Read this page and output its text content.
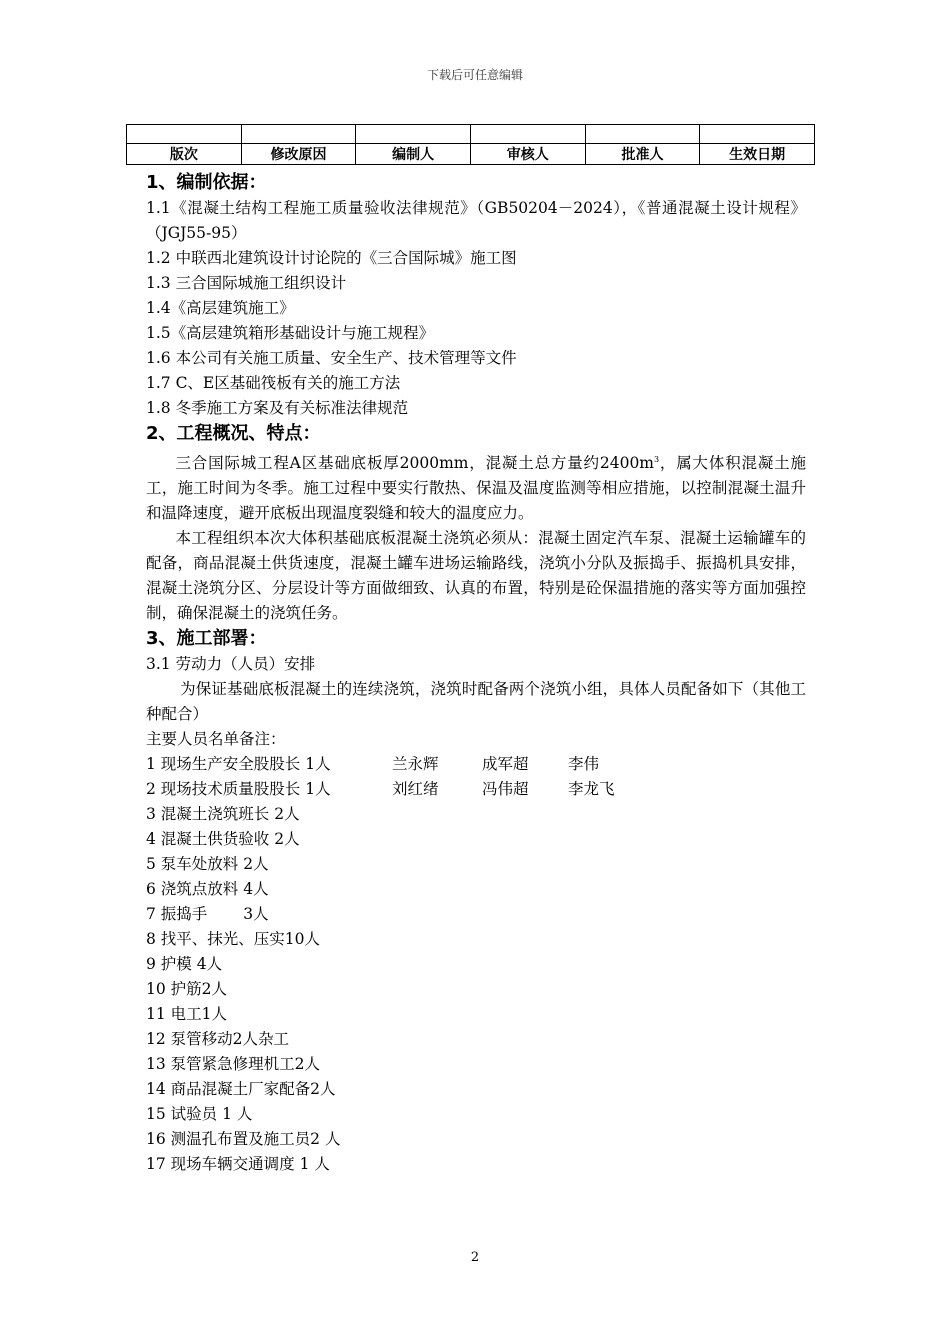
下载后可任意编辑

版次	修改原因	编制人	审核人	批准人	生效日期

1、编制依据：

1.1《混凝土结构工程施工质量验收法律规范》（GB50204－2024），《普通混凝土设计规程》（JGJ55-95）

1.2 中联西北建筑设计讨论院的《三合国际城》施工图

1.3 三合国际城施工组织设计

1.4《高层建筑施工》

1.5《高层建筑箱形基础设计与施工规程》

1.6 本公司有关施工质量、安全生产、技术管理等文件

1.7 C、E区基础筏板有关的施工方法

1.8 冬季施工方案及有关标准法律规范

2、工程概况、特点：

三合国际城工程A区基础底板厚2000mm，混凝土总方量约$2400m^3$，属大体积混凝土施工，施工时间为冬季。施工过程中要实行散热、保温及温度监测等相应措施，以控制混凝土温升和温降速度，避开底板出现温度裂缝和较大的温度应力。

本工程组织本次大体积基础底板混凝土浇筑必须从：混凝土固定汽车泵、混凝土运输罐车的配备，商品混凝土供货速度，混凝土罐车进场运输路线，浇筑小分队及振捣手、振捣机具安排，混凝土浇筑分区、分层设计等方面做细致、认真的布置，特别是砼保温措施的落实等方面加强控制，确保混凝土的浇筑任务。

3、施工部署：

3.1 劳动力（人员）安排

为保证基础底板混凝土的连续浇筑，浇筑时配备两个浇筑小组，具体人员配备如下（其他工种配合）

主要人员名单备注：

1 现场生产安全股股长 1人	兰永辉	成军超	李伟

2 现场技术质量股股长 1人	刘红绪	冯伟超	李龙飞

3 混凝土浇筑班长 2人

4 混凝土供货验收 2人

5 泵车处放料 2人

6 浇筑点放料 4人

7 振捣手　　 3人

8 找平、抹光、压实10人

9 护模 4人

10 护筋2人

11 电工1人

12 泵管移动2人杂工

13 泵管紧急修理机工2人

14 商品混凝土厂家配备2人

15 试验员 1 人

16 测温孔布置及施工员2 人

17 现场车辆交通调度 1 人

2
